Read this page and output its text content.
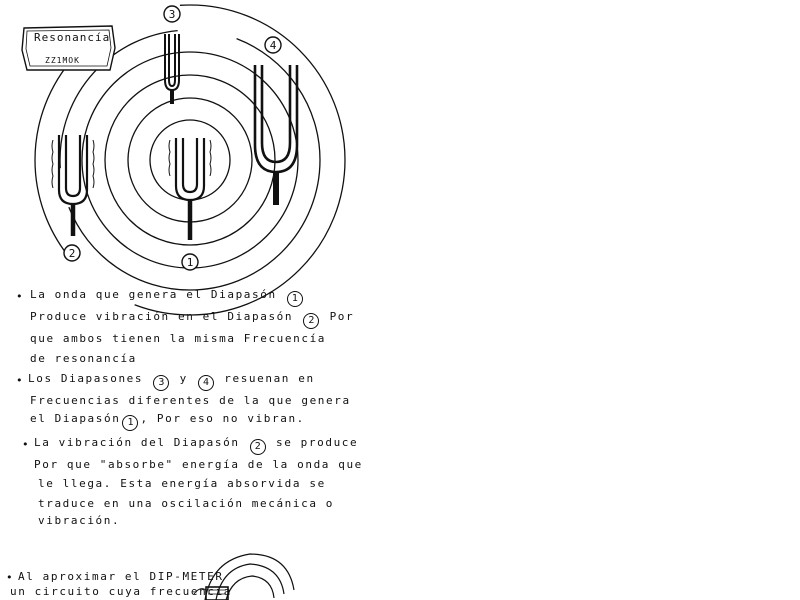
Resonancía
ZZ1MOK
3
4
2
1
• La onda que genera el Diapasón 1
Produce vibración en el Diapasón 2 Por
que ambos tienen la misma Frecuencía
de resonancía
• Los Diapasones 3 y 4 resuenan en
Frecuencias diferentes de la que genera
el Diapasón 1 , Por eso no vibran.
• La vibración del Diapasón 2 se produce
Por que "absorbe" energía de la onda que
le llega. Esta energía absorvida se
traduce en una oscilación mecánica o
vibración.
• Al aproximar el DIP-METER
un circuito cuya frecuencia
